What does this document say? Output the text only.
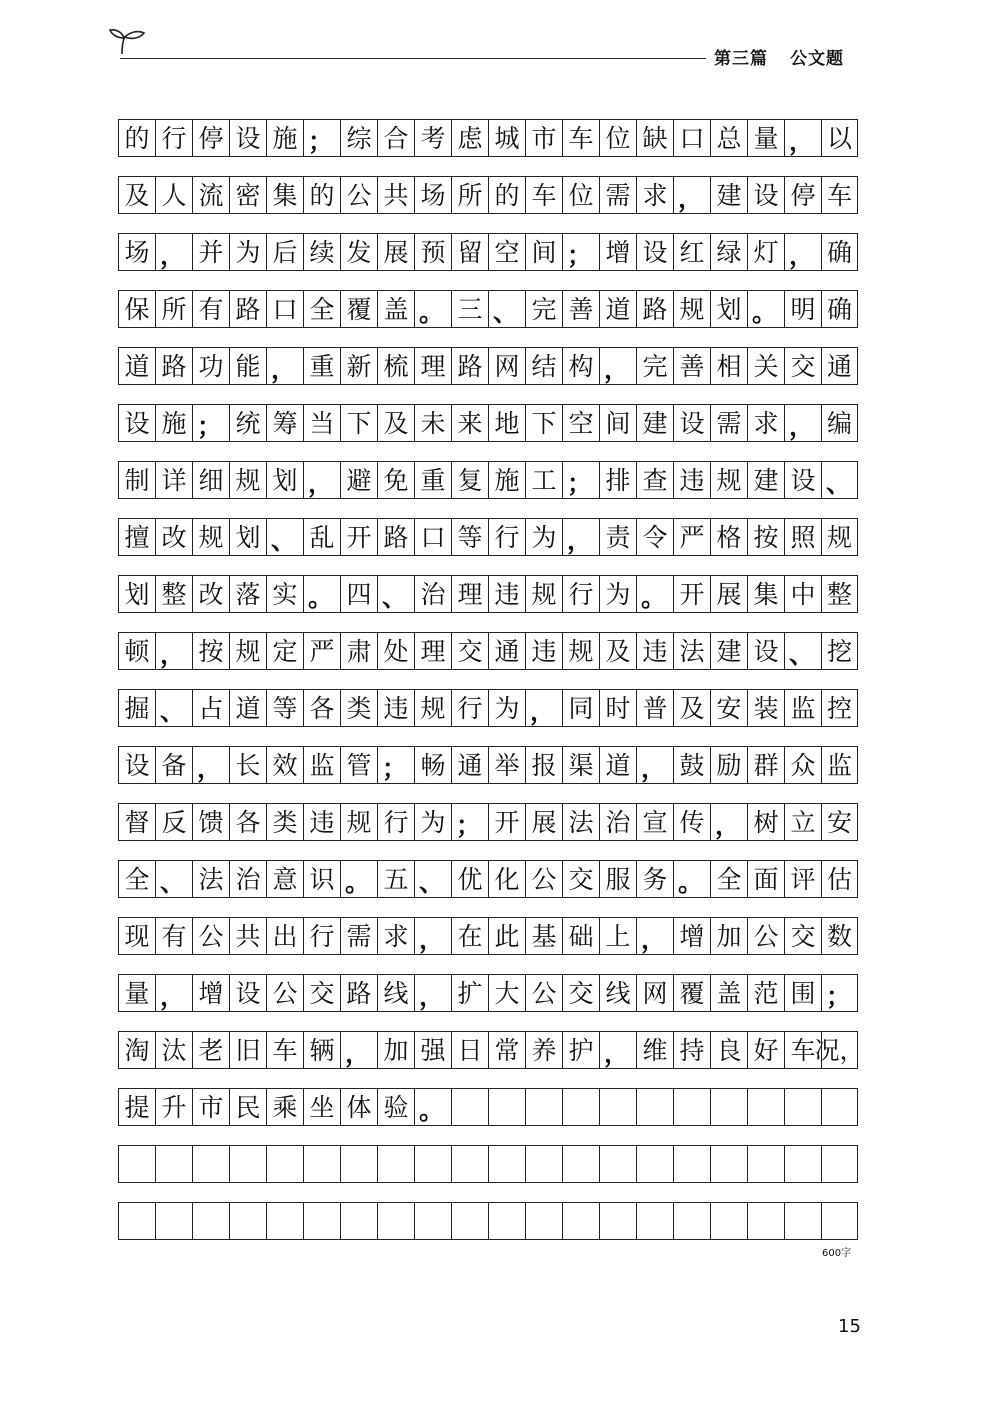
第三篇 公文题
的 行 停 设 施 ； 综 合 考 虑 城 市 车 位 缺 口 总 量 ， 以
及 人 流 密 集 的 公 共 场 所 的 车 位 需 求 ， 建 设 停 车
场 ， 并 为 后 续 发 展 预 留 空 间 ； 增 设 红 绿 灯 ， 确
保 所 有 路 口 全 覆 盖 。 三 、 完 善 道 路 规 划 。 明 确
道 路 功 能 ， 重 新 梳 理 路 网 结 构 ， 完 善 相 关 交 通
设 施 ； 统 筹 当 下 及 未 来 地 下 空 间 建 设 需 求 ， 编
制 详 细 规 划 ， 避 免 重 复 施 工 ； 排 查 违 规 建 设 、
擅 改 规 划 、 乱 开 路 口 等 行 为 ， 责 令 严 格 按 照 规
划 整 改 落 实 。 四 、 治 理 违 规 行 为 。 开 展 集 中 整
顿 ， 按 规 定 严 肃 处 理 交 通 违 规 及 违 法 建 设 、 挖
掘 、 占 道 等 各 类 违 规 行 为 ， 同 时 普 及 安 装 监 控
设 备 ， 长 效 监 管 ； 畅 通 举 报 渠 道 ， 鼓 励 群 众 监
督 反 馈 各 类 违 规 行 为 ； 开 展 法 治 宣 传 ， 树 立 安
全 、 法 治 意 识 。 五 、 优 化 公 交 服 务 。 全 面 评 估
现 有 公 共 出 行 需 求 ， 在 此 基 础 上 ， 增 加 公 交 数
量 ， 增 设 公 交 路 线 ， 扩 大 公 交 线 网 覆 盖 范 围 ；
淘 汰 老 旧 车 辆 ， 加 强 日 常 养 护 ， 维 持 良 好 车 况，
提 升 市 民 乘 坐 体 验 。
600字
15
